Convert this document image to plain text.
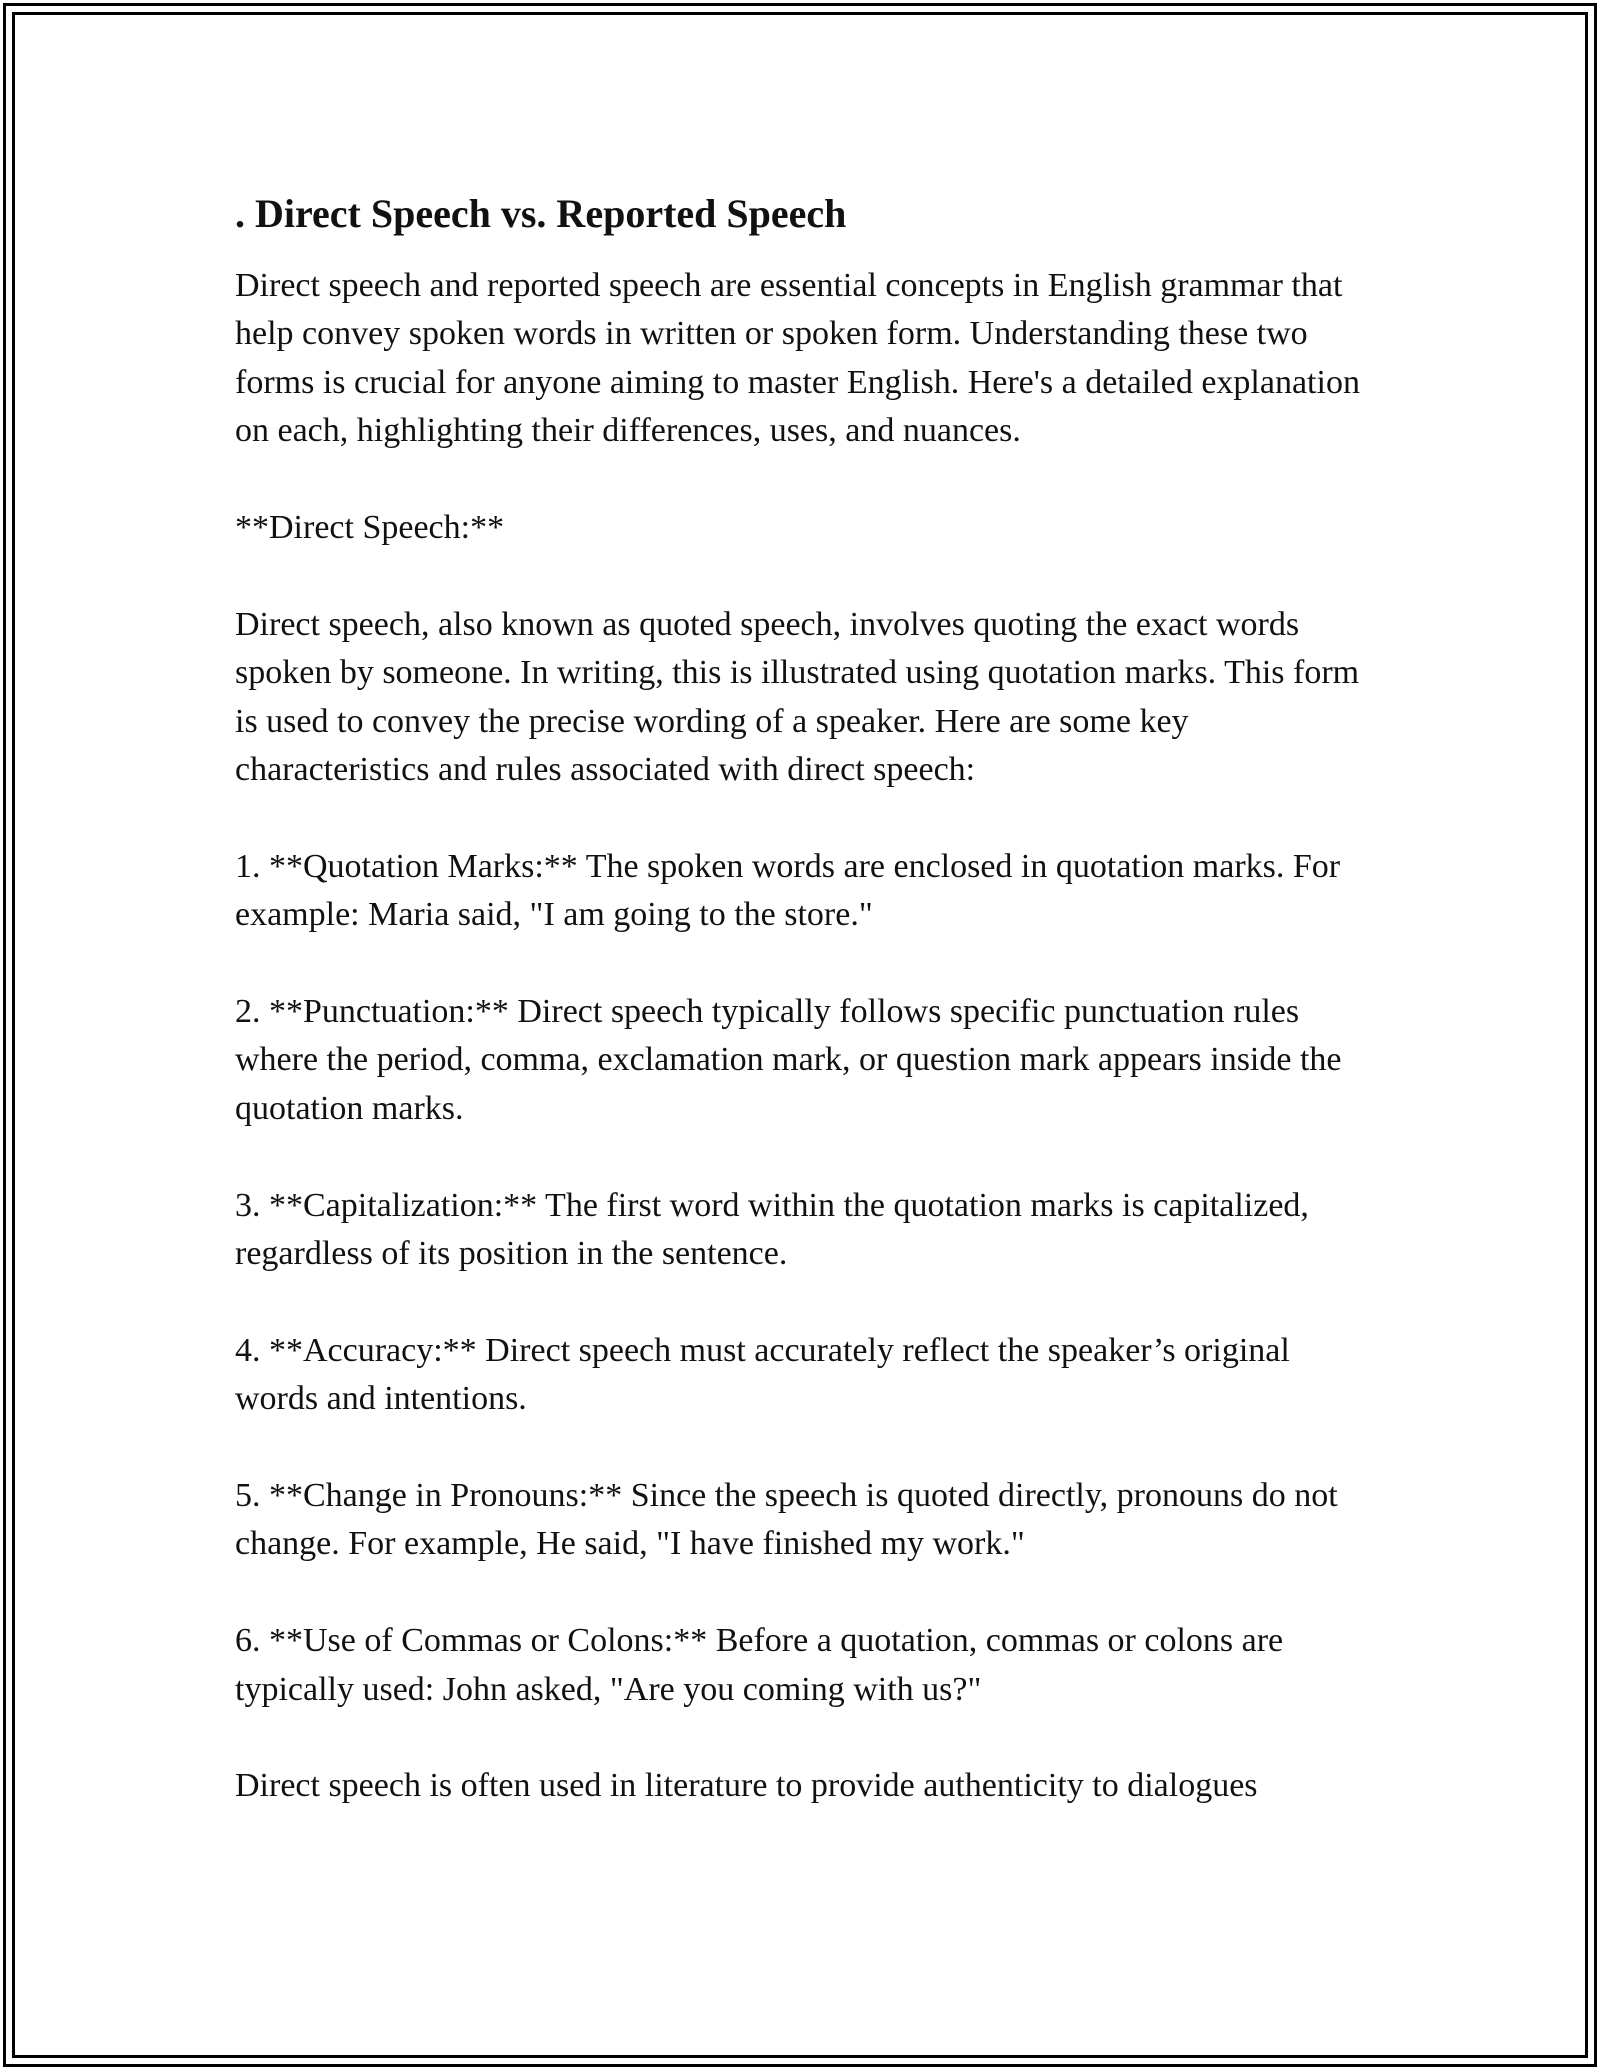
. Direct Speech vs. Reported Speech

Direct speech and reported speech are essential concepts in English grammar that help convey spoken words in written or spoken form. Understanding these two forms is crucial for anyone aiming to master English. Here's a detailed explanation on each, highlighting their differences, uses, and nuances.

**Direct Speech:**

Direct speech, also known as quoted speech, involves quoting the exact words spoken by someone. In writing, this is illustrated using quotation marks. This form is used to convey the precise wording of a speaker. Here are some key characteristics and rules associated with direct speech:

1. **Quotation Marks:** The spoken words are enclosed in quotation marks. For example: Maria said, "I am going to the store."

2. **Punctuation:** Direct speech typically follows specific punctuation rules where the period, comma, exclamation mark, or question mark appears inside the quotation marks.

3. **Capitalization:** The first word within the quotation marks is capitalized, regardless of its position in the sentence.

4. **Accuracy:** Direct speech must accurately reflect the speaker’s original words and intentions.

5. **Change in Pronouns:** Since the speech is quoted directly, pronouns do not change. For example, He said, "I have finished my work."

6. **Use of Commas or Colons:** Before a quotation, commas or colons are typically used: John asked, "Are you coming with us?"

Direct speech is often used in literature to provide authenticity to dialogues
